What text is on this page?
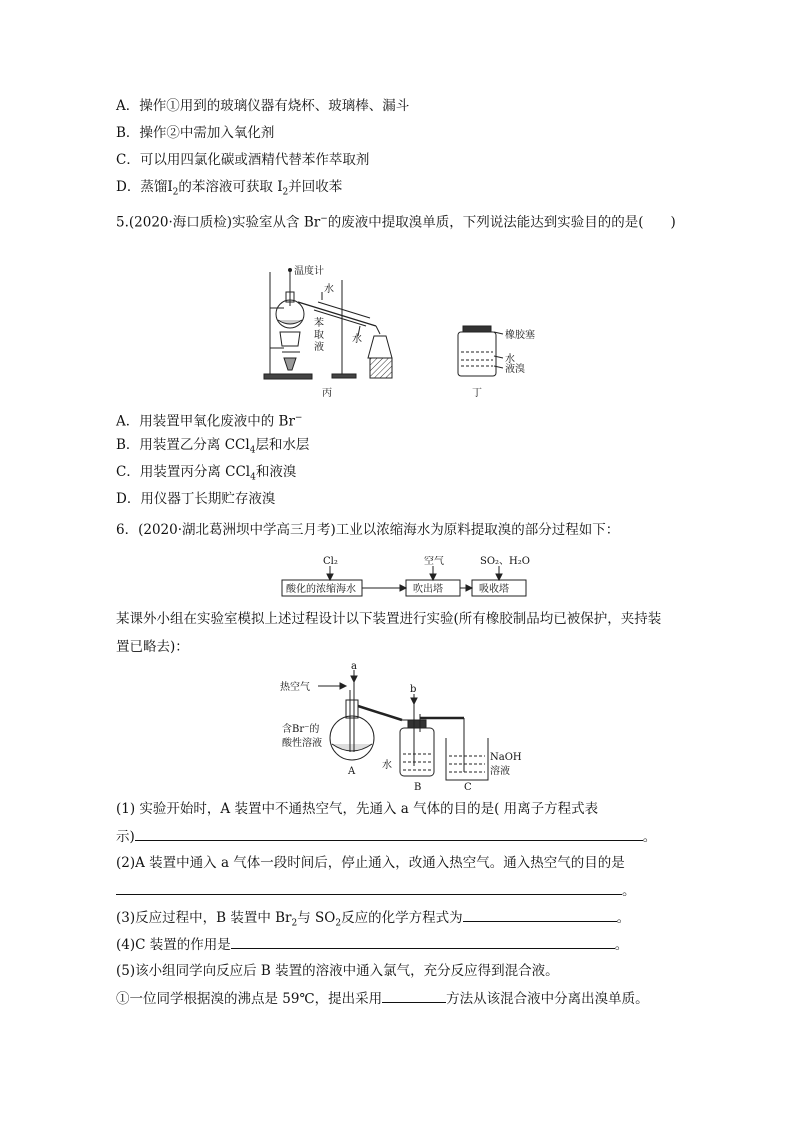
A．操作①用到的玻璃仪器有烧杯、玻璃棒、漏斗
B．操作②中需加入氧化剂
C．可以用四氯化碳或酒精代替苯作萃取剂
D．蒸馏$I_2$的苯溶液可获取 $I_2$并回收苯
5.(2020·海口质检)实验室从含 Br−的废液中提取溴单质，下列说法能达到实验目的的是(　　)
温度计
水
水
苯
取
液
丙
橡胶塞
水
液溴
丁
A．用装置甲氧化废液中的 Br−
B．用装置乙分离 CCl$_4$层和水层
C．用装置丙分离 CCl$_4$和液溴
D．用仪器丁长期贮存液溴
6．(2020·湖北葛洲坝中学高三月考)工业以浓缩海水为原料提取溴的部分过程如下：
Cl₂	空气	SO₂、H₂O
酸化的浓缩海水	吹出塔	吸收塔
某课外小组在实验室模拟上述过程设计以下装置进行实验(所有橡胶制品均已被保护，夹持装
置已略去)：
a
b
热空气
含Br⁻的
酸性溶液
A
B	C
水
NaOH
溶液
(1) 实验开始时，A 装置中不通热空气，先通入 a 气体的目的是( 用离子方程式表
示)	。
(2)A 装置中通入 a 气体一段时间后，停止通入，改通入热空气。通入热空气的目的是
。
(3)反应过程中，B 装置中 $Br_2$与 $SO_2$反应的化学方程式为	。
(4)C 装置的作用是	。
(5)该小组同学向反应后 B 装置的溶液中通入氯气，充分反应得到混合液。
①一位同学根据溴的沸点是 59℃，提出采用	方法从该混合液中分离出溴单质。
